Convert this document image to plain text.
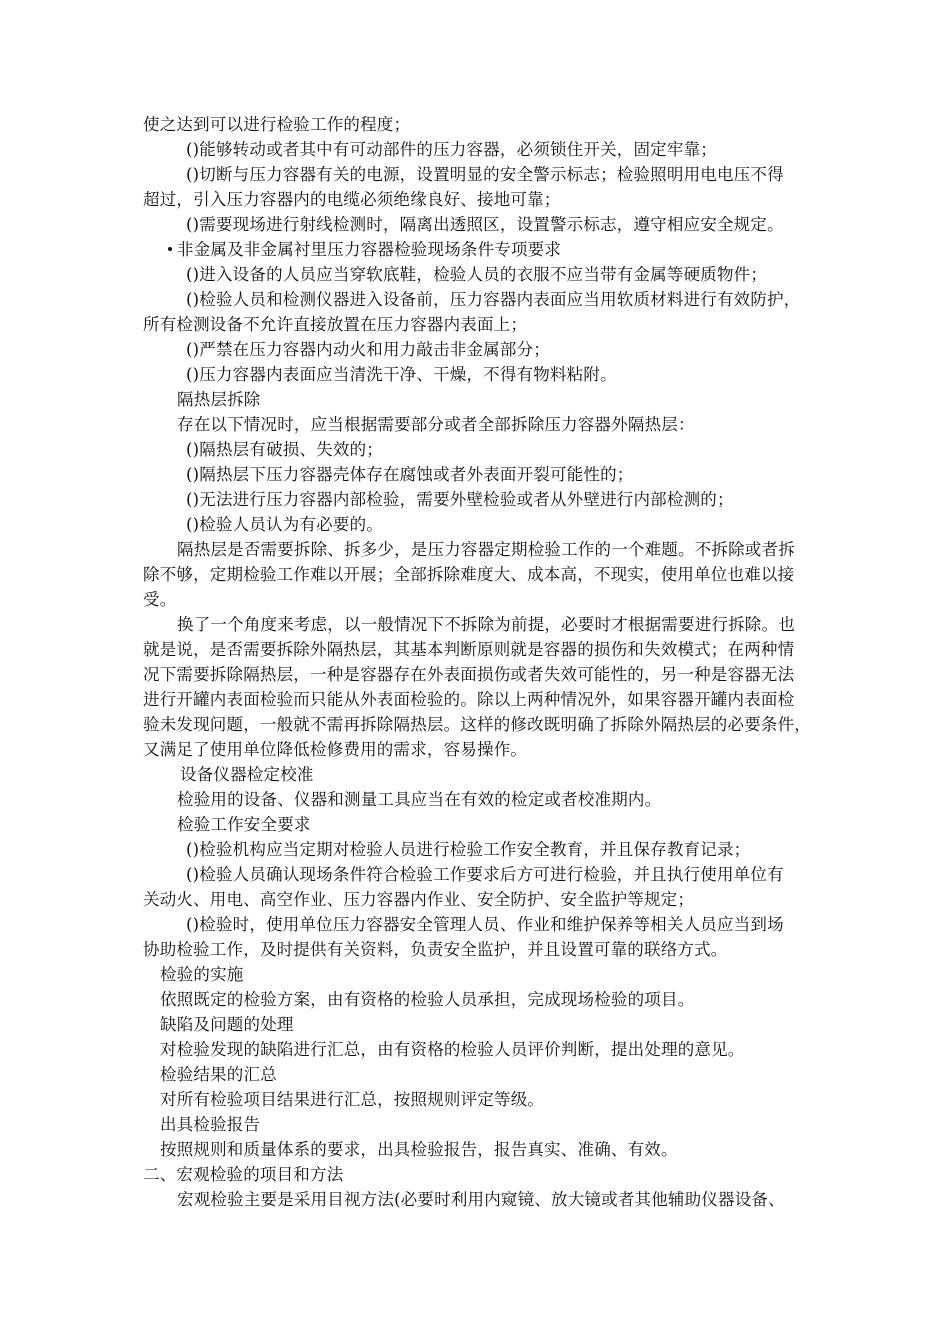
使之达到可以进行检验工作的程度；
()能够转动或者其中有可动部件的压力容器，必须锁住开关，固定牢靠；
()切断与压力容器有关的电源，设置明显的安全警示标志；检验照明用电电压不得
超过，引入压力容器内的电缆必须绝缘良好、接地可靠；
()需要现场进行射线检测时，隔离出透照区，设置警示标志，遵守相应安全规定。
非金属及非金属衬里压力容器检验现场条件专项要求
()进入设备的人员应当穿软底鞋，检验人员的衣服不应当带有金属等硬质物件；
()检验人员和检测仪器进入设备前，压力容器内表面应当用软质材料进行有效防护，
所有检测设备不允许直接放置在压力容器内表面上；
()严禁在压力容器内动火和用力敲击非金属部分；
()压力容器内表面应当清洗干净、干燥，不得有物料粘附。
隔热层拆除
存在以下情况时，应当根据需要部分或者全部拆除压力容器外隔热层：
()隔热层有破损、失效的；
()隔热层下压力容器壳体存在腐蚀或者外表面开裂可能性的；
()无法进行压力容器内部检验，需要外壁检验或者从外壁进行内部检测的；
()检验人员认为有必要的。
隔热层是否需要拆除、拆多少，是压力容器定期检验工作的一个难题。不拆除或者拆
除不够，定期检验工作难以开展；全部拆除难度大、成本高，不现实，使用单位也难以接
受。
换了一个角度来考虑，以一般情况下不拆除为前提，必要时才根据需要进行拆除。也
就是说，是否需要拆除外隔热层，其基本判断原则就是容器的损伤和失效模式；在两种情
况下需要拆除隔热层，一种是容器存在外表面损伤或者失效可能性的，另一种是容器无法
进行开罐内表面检验而只能从外表面检验的。除以上两种情况外，如果容器开罐内表面检
验未发现问题，一般就不需再拆除隔热层。这样的修改既明确了拆除外隔热层的必要条件，
又满足了使用单位降低检修费用的需求，容易操作。
设备仪器检定校准
检验用的设备、仪器和测量工具应当在有效的检定或者校准期内。
检验工作安全要求
()检验机构应当定期对检验人员进行检验工作安全教育，并且保存教育记录；
()检验人员确认现场条件符合检验工作要求后方可进行检验，并且执行使用单位有
关动火、用电、高空作业、压力容器内作业、安全防护、安全监护等规定；
()检验时，使用单位压力容器安全管理人员、作业和维护保养等相关人员应当到场
协助检验工作，及时提供有关资料，负责安全监护，并且设置可靠的联络方式。
检验的实施
依照既定的检验方案，由有资格的检验人员承担，完成现场检验的项目。
缺陷及问题的处理
对检验发现的缺陷进行汇总，由有资格的检验人员评价判断，提出处理的意见。
检验结果的汇总
对所有检验项目结果进行汇总，按照规则评定等级。
出具检验报告
按照规则和质量体系的要求，出具检验报告，报告真实、准确、有效。
二、宏观检验的项目和方法
宏观检验主要是采用目视方法(必要时利用内窥镜、放大镜或者其他辅助仪器设备、
